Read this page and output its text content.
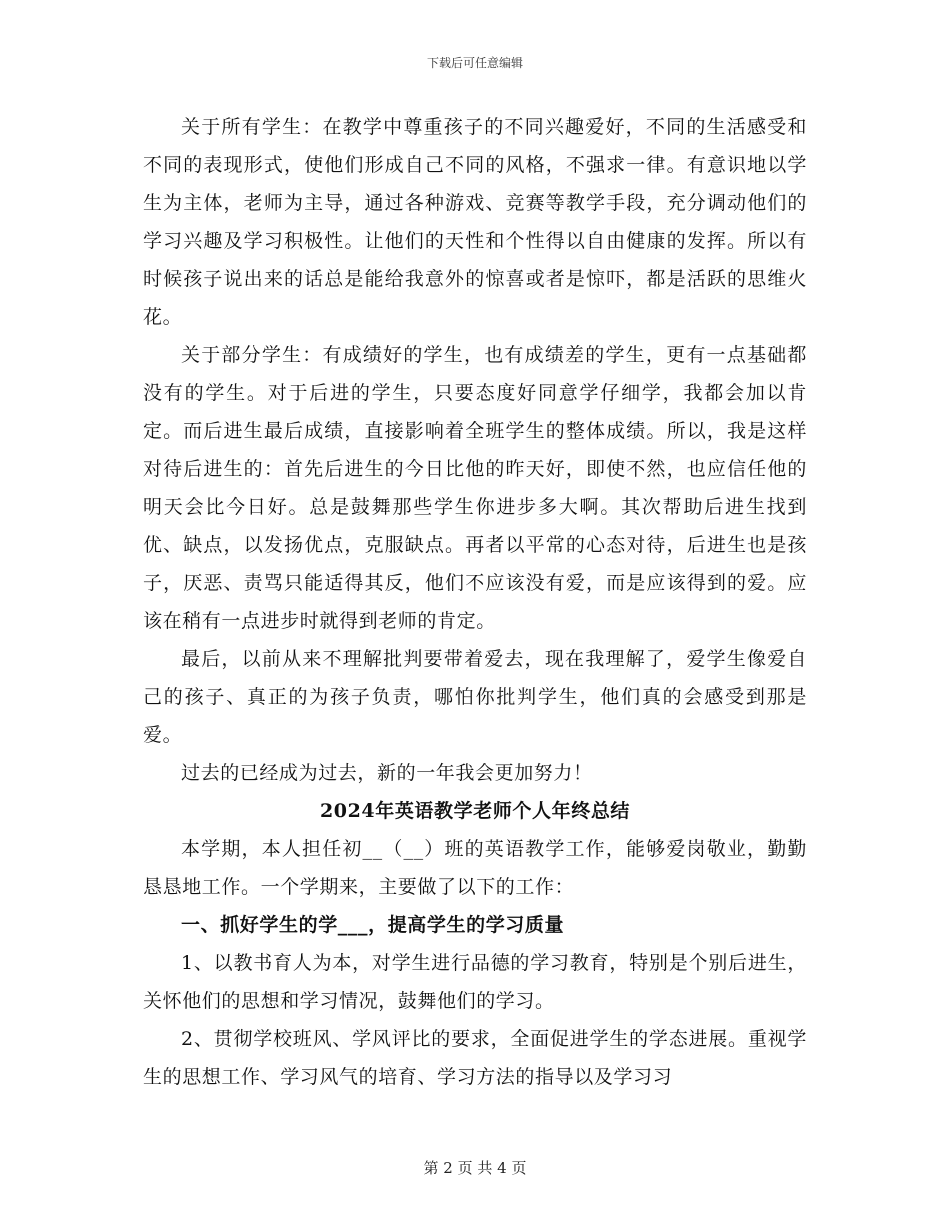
下载后可任意编辑

关于所有学生：在教学中尊重孩子的不同兴趣爱好，不同的生活感受和不同的表现形式，使他们形成自己不同的风格，不强求一律。有意识地以学生为主体，老师为主导，通过各种游戏、竞赛等教学手段，充分调动他们的学习兴趣及学习积极性。让他们的天性和个性得以自由健康的发挥。所以有时候孩子说出来的话总是能给我意外的惊喜或者是惊吓，都是活跃的思维火花。

关于部分学生：有成绩好的学生，也有成绩差的学生，更有一点基础都没有的学生。对于后进的学生，只要态度好同意学仔细学，我都会加以肯定。而后进生最后成绩，直接影响着全班学生的整体成绩。所以，我是这样对待后进生的：首先后进生的今日比他的昨天好，即使不然，也应信任他的明天会比今日好。总是鼓舞那些学生你进步多大啊。其次帮助后进生找到优、缺点，以发扬优点，克服缺点。再者以平常的心态对待，后进生也是孩子，厌恶、责骂只能适得其反，他们不应该没有爱，而是应该得到的爱。应该在稍有一点进步时就得到老师的肯定。

最后，以前从来不理解批判要带着爱去，现在我理解了，爱学生像爱自己的孩子、真正的为孩子负责，哪怕你批判学生，他们真的会感受到那是爱。

过去的已经成为过去，新的一年我会更加努力！

2024年英语教学老师个人年终总结

本学期，本人担任初__（__）班的英语教学工作，能够爱岗敬业，勤勤恳恳地工作。一个学期来，主要做了以下的工作：

一、抓好学生的学___，提高学生的学习质量

1、以教书育人为本，对学生进行品德的学习教育，特别是个别后进生，关怀他们的思想和学习情况，鼓舞他们的学习。

2、贯彻学校班风、学风评比的要求，全面促进学生的学态进展。重视学生的思想工作、学习风气的培育、学习方法的指导以及学习习

第 2 页 共 4 页
